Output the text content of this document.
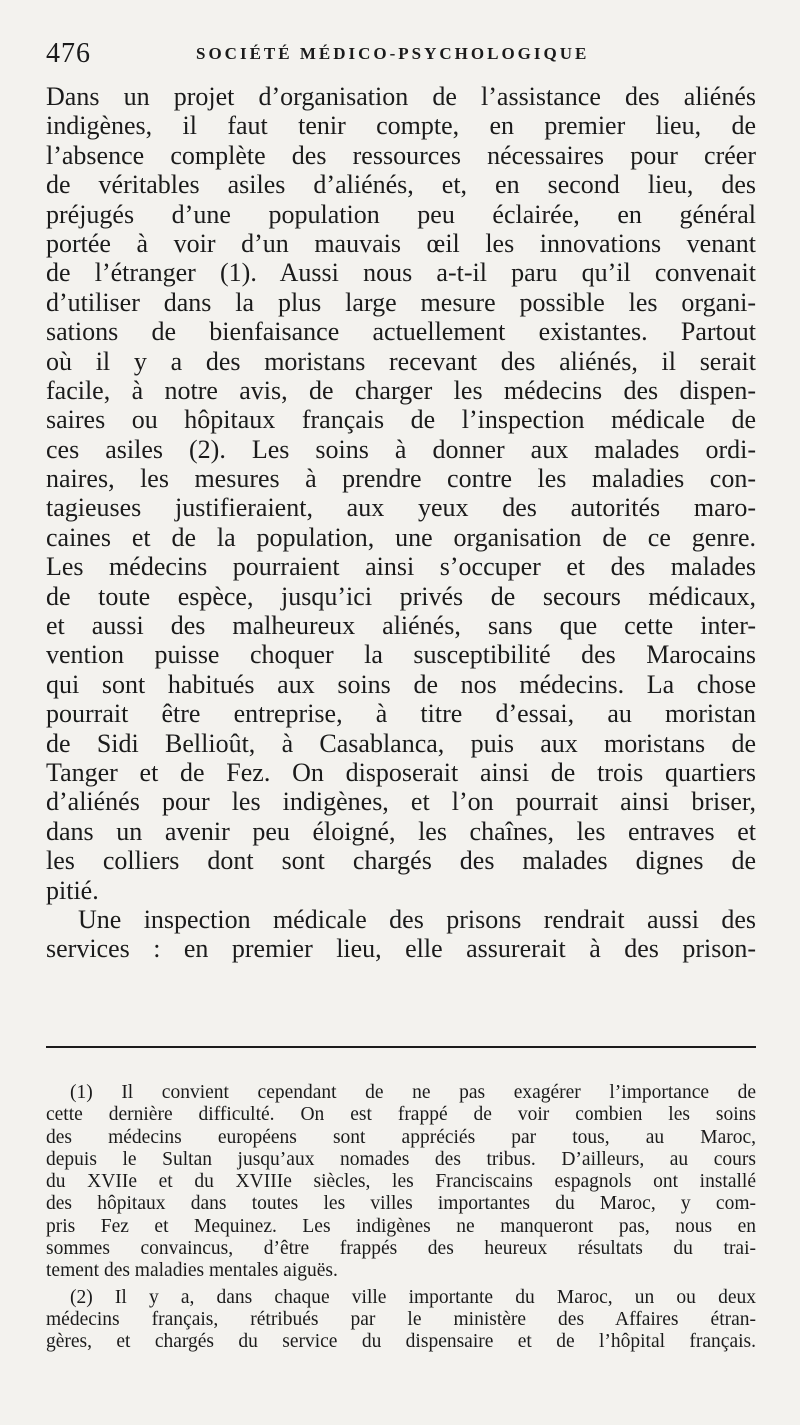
476	SOCIÉTÉ MÉDICO-PSYCHOLOGIQUE
Dans un projet d’organisation de l’assistance des aliénés
indigènes, il faut tenir compte, en premier lieu, de
l’absence complète des ressources nécessaires pour créer
de véritables asiles d’aliénés, et, en second lieu, des
préjugés d’une population peu éclairée, en général
portée à voir d’un mauvais œil les innovations venant
de l’étranger (1). Aussi nous a-t-il paru qu’il convenait
d’utiliser dans la plus large mesure possible les organi-
sations de bienfaisance actuellement existantes. Partout
où il y a des moristans recevant des aliénés, il serait
facile, à notre avis, de charger les médecins des dispen-
saires ou hôpitaux français de l’inspection médicale de
ces asiles (2). Les soins à donner aux malades ordi-
naires, les mesures à prendre contre les maladies con-
tagieuses justifieraient, aux yeux des autorités maro-
caines et de la population, une organisation de ce genre.
Les médecins pourraient ainsi s’occuper et des malades
de toute espèce, jusqu’ici privés de secours médicaux,
et aussi des malheureux aliénés, sans que cette inter-
vention puisse choquer la susceptibilité des Marocains
qui sont habitués aux soins de nos médecins. La chose
pourrait être entreprise, à titre d’essai, au moristan
de Sidi Bellioût, à Casablanca, puis aux moristans de
Tanger et de Fez. On disposerait ainsi de trois quartiers
d’aliénés pour les indigènes, et l’on pourrait ainsi briser,
dans un avenir peu éloigné, les chaînes, les entraves et
les colliers dont sont chargés des malades dignes de
pitié.
Une inspection médicale des prisons rendrait aussi des
services : en premier lieu, elle assurerait à des prison-
(1) Il convient cependant de ne pas exagérer l’importance de
cette dernière difficulté. On est frappé de voir combien les soins
des médecins européens sont appréciés par tous, au Maroc,
depuis le Sultan jusqu’aux nomades des tribus. D’ailleurs, au cours
du XVIIe et du XVIIIe siècles, les Franciscains espagnols ont installé
des hôpitaux dans toutes les villes importantes du Maroc, y com-
pris Fez et Mequinez. Les indigènes ne manqueront pas, nous en
sommes convaincus, d’être frappés des heureux résultats du trai-
tement des maladies mentales aiguës.
(2) Il y a, dans chaque ville importante du Maroc, un ou deux
médecins français, rétribués par le ministère des Affaires étran-
gères, et chargés du service du dispensaire et de l’hôpital français.
